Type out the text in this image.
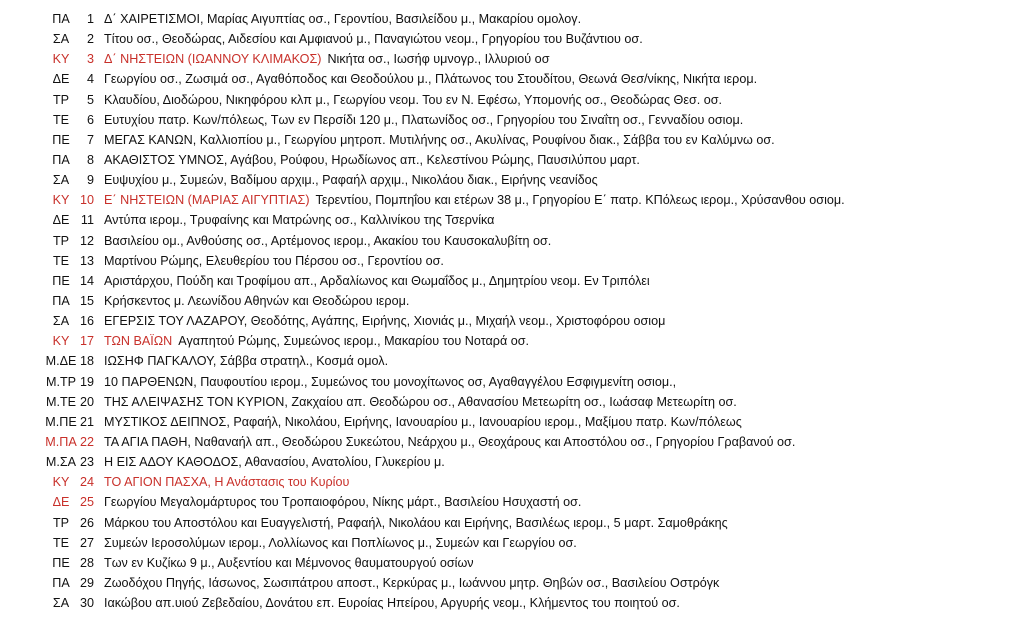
ΠΑ	1 Δ΄ ΧΑΙΡΕΤΙΣΜΟΙ, Μαρίας Αιγυπτίας οσ., Γεροντίου, Βασιλείδου μ., Μακαρίου ομολογ.
ΣΑ	2 Τίτου οσ., Θεοδώρας, Αιδεσίου και Αμφιανού μ., Παναγιώτου νεομ., Γρηγορίου του Βυζάντιου οσ.
ΚΥ	3 Δ΄ ΝΗΣΤΕΙΩΝ (ΙΩΑΝΝΟΥ ΚΛΙΜΑΚΟΣ) Νικήτα οσ., Ιωσήφ υμνογρ., Ιλλυριού οσ
ΔΕ	4 Γεωργίου οσ., Ζωσιμά οσ., Αγαθόποδος και Θεοδούλου μ., Πλάτωνος του Στουδίτου, Θεωνά Θεσ/νίκης, Νικήτα ιερομ.
ΤΡ	5 Κλαυδίου, Διοδώρου, Νικηφόρου κλπ μ., Γεωργίου νεομ. Του εν Ν. Εφέσω, Υπομονής οσ., Θεοδώρας Θεσ. οσ.
ΤΕ	6 Ευτυχίου πατρ. Κων/πόλεως, Των εν Περσίδι 120 μ., Πλατωνίδος οσ., Γρηγορίου του Σιναΐτη οσ., Γενναδίου οσιομ.
ΠΕ	7 ΜΕΓΑΣ ΚΑΝΩΝ, Καλλιοπίου μ., Γεωργίου μητροπ. Μυτιλήνης οσ., Ακυλίνας, Ρουφίνου διακ., Σάββα του εν Καλύμνω οσ.
ΠΑ	8 ΑΚΑΘΙΣΤΟΣ ΥΜΝΟΣ, Αγάβου, Ρούφου, Ηρωδίωνος απ., Κελεστίνου Ρώμης, Παυσιλύπου μαρτ.
ΣΑ	9 Ευψυχίου μ., Συμεών, Βαδίμου αρχιμ., Ραφαήλ αρχιμ., Νικολάου διακ., Ειρήνης νεανίδος
ΚΥ 10 Ε΄ ΝΗΣΤΕΙΩΝ (ΜΑΡΙΑΣ ΑΙΓΥΠΤΙΑΣ) Τερεντίου, Πομπηΐου και ετέρων 38 μ., Γρηγορίου Ε΄ πατρ. ΚΠόλεως ιερομ., Χρύσανθου οσιομ.
ΔΕ 11 Αντύπα ιερομ., Τρυφαίνης και Ματρώνης οσ., Καλλινίκου της Τσερνίκα
ΤΡ 12 Βασιλείου ομ., Ανθούσης οσ., Αρτέμονος ιερομ., Ακακίου του Καυσοκαλυβίτη οσ.
ΤΕ 13 Μαρτίνου Ρώμης, Ελευθερίου του Πέρσου οσ., Γεροντίου οσ.
ΠΕ 14 Αριστάρχου, Πούδη και Τροφίμου απ., Αρδαλίωνος και Θωμαΐδος μ., Δημητρίου νεομ. Εν Τριπόλει
ΠΑ 15 Κρήσκεντος μ. Λεωνίδου Αθηνών και Θεοδώρου ιερομ.
ΣΑ 16 ΕΓΕΡΣΙΣ ΤΟΥ ΛΑΖΑΡΟΥ, Θεοδότης, Αγάπης, Ειρήνης, Χιονιάς μ., Μιχαήλ νεομ., Χριστοφόρου οσιομ
ΚΥ 17 ΤΩΝ ΒΑΪΩΝ Αγαπητού Ρώμης, Συμεώνος ιερομ., Μακαρίου του Νοταρά οσ.
Μ.ΔΕ 18 ΙΩΣΗΦ ΠΑΓΚΑΛΟΥ, Σάββα στρατηλ., Κοσμά ομολ.
Μ.ΤΡ 19 10 ΠΑΡΘΕΝΩΝ, Παυφουτίου ιερομ., Συμεώνος του μονοχίτωνος οσ, Αγαθαγγέλου Εσφιγμενίτη οσιομ.,
Μ.ΤΕ 20 ΤΗΣ ΑΛΕΙΨΑΣΗΣ ΤΟΝ ΚΥΡΙΟΝ, Ζακχαίου απ. Θεοδώρου οσ., Αθανασίου Μετεωρίτη οσ., Ιωάσαφ Μετεωρίτη οσ.
Μ.ΠΕ 21 ΜΥΣΤΙΚΟΣ ΔΕΙΠΝΟΣ, Ραφαήλ, Νικολάου, Ειρήνης, Ιανουαρίου μ., Ιανουαρίου ιερομ., Μαξίμου πατρ. Κων/πόλεως
Μ.ΠΑ 22 ΤΑ ΑΓΙΑ ΠΑΘΗ, Ναθαναήλ απ., Θεοδώρου Συκεώτου, Νεάρχου μ., Θεοχάρους και Αποστόλου οσ., Γρηγορίου Γραβανού οσ.
Μ.ΣΑ 23 Η ΕΙΣ ΑΔΟΥ ΚΑΘΟΔΟΣ, Αθανασίου, Ανατολίου, Γλυκερίου μ.
ΚΥ 24 ΤΟ ΑΓΙΟΝ ΠΑΣΧΑ, Η Ανάστασις του Κυρίου
ΔΕ 25 Γεωργίου Μεγαλομάρτυρος του Τροπαιοφόρου, Νίκης μάρτ., Βασιλείου Ησυχαστή οσ.
ΤΡ 26 Μάρκου του Αποστόλου και Ευαγγελιστή, Ραφαήλ, Νικολάου και Ειρήνης, Βασιλέως ιερομ., 5 μαρτ. Σαμοθράκης
ΤΕ 27 Συμεών Ιεροσολύμων ιερομ., Λολλίωνος και Ποπλίωνος μ., Συμεών και Γεωργίου οσ.
ΠΕ 28 Των εν Κυζίκω 9 μ., Αυξεντίου και Μέμνονος θαυματουργού οσίων
ΠΑ 29 Ζωοδόχου Πηγής, Ιάσωνος, Σωσιπάτρου αποστ., Κερκύρας μ., Ιωάννου μητρ. Θηβών οσ., Βασιλείου Οστρόγκ
ΣΑ 30 Ιακώβου απ.υιού Ζεβεδαίου, Δονάτου επ. Ευροίας Ηπείρου, Αργυρής νεομ., Κλήμεντος του ποιητού οσ.
